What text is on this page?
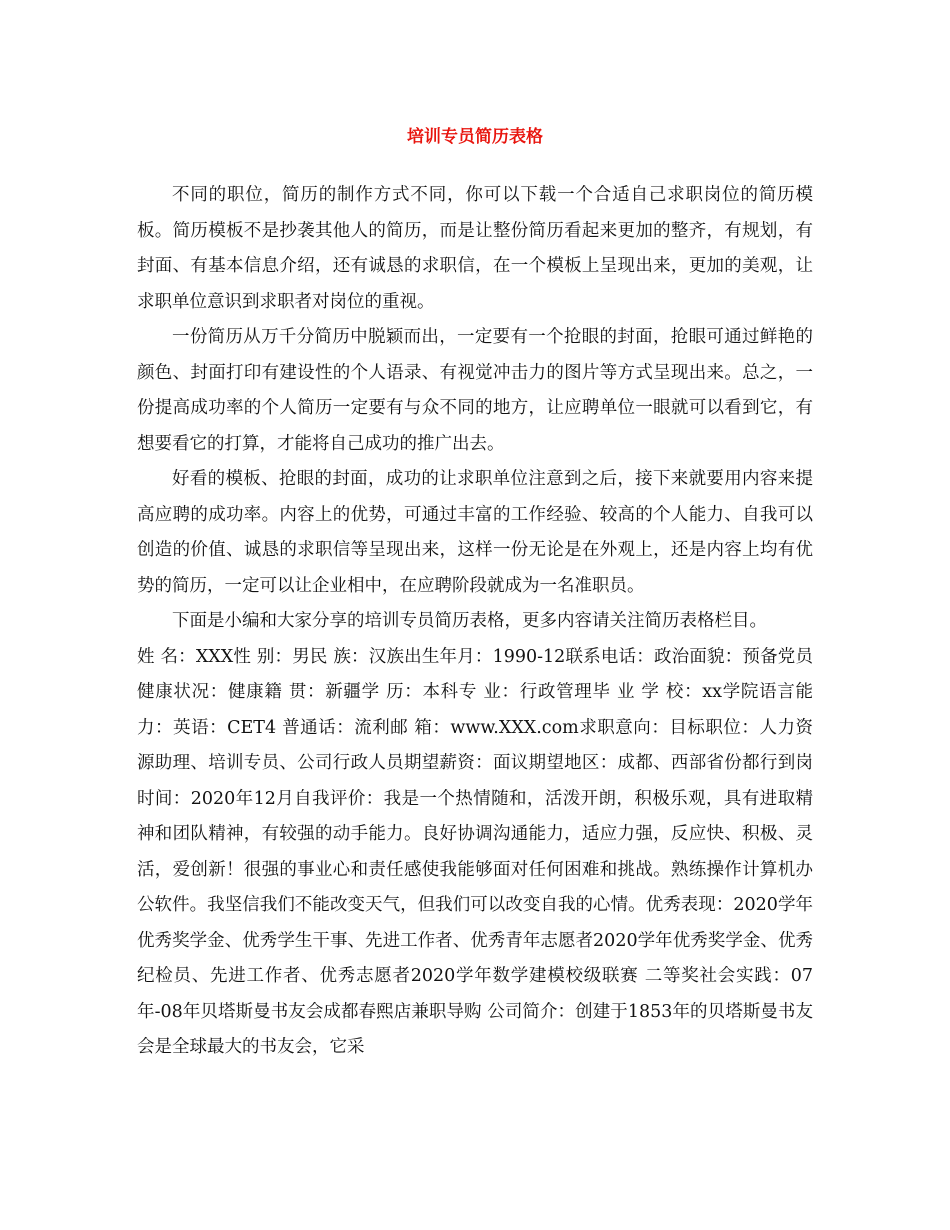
培训专员简历表格

不同的职位，简历的制作方式不同，你可以下载一个合适自己求职岗位的简历模板。简历模板不是抄袭其他人的简历，而是让整份简历看起来更加的整齐，有规划，有封面、有基本信息介绍，还有诚恳的求职信，在一个模板上呈现出来，更加的美观，让求职单位意识到求职者对岗位的重视。

一份简历从万千分简历中脱颖而出，一定要有一个抢眼的封面，抢眼可通过鲜艳的颜色、封面打印有建设性的个人语录、有视觉冲击力的图片等方式呈现出来。总之，一份提高成功率的个人简历一定要有与众不同的地方，让应聘单位一眼就可以看到它，有想要看它的打算，才能将自己成功的推广出去。

好看的模板、抢眼的封面，成功的让求职单位注意到之后，接下来就要用内容来提高应聘的成功率。内容上的优势，可通过丰富的工作经验、较高的个人能力、自我可以创造的价值、诚恳的求职信等呈现出来，这样一份无论是在外观上，还是内容上均有优势的简历，一定可以让企业相中，在应聘阶段就成为一名准职员。

下面是小编和大家分享的培训专员简历表格，更多内容请关注简历表格栏目。

姓 名：XXX性 别：男民 族：汉族出生年月：1990-12联系电话：政治面貌：预备党员健康状况：健康籍 贯：新疆学 历：本科专 业：行政管理毕 业 学 校：xx学院语言能力：英语：CET4 普通话：流利邮 箱：www.XXX.com求职意向：目标职位：人力资源助理、培训专员、公司行政人员期望薪资：面议期望地区：成都、西部省份都行到岗时间：2020年12月自我评价：我是一个热情随和，活泼开朗，积极乐观，具有进取精神和团队精神，有较强的动手能力。良好协调沟通能力，适应力强，反应快、积极、灵活，爱创新！很强的事业心和责任感使我能够面对任何困难和挑战。熟练操作计算机办公软件。我坚信我们不能改变天气，但我们可以改变自我的心情。优秀表现：2020学年优秀奖学金、优秀学生干事、先进工作者、优秀青年志愿者2020学年优秀奖学金、优秀纪检员、先进工作者、优秀志愿者2020学年数学建模校级联赛 二等奖社会实践：07年-08年贝塔斯曼书友会成都春熙店兼职导购 公司简介：创建于1853年的贝塔斯曼书友会是全球最大的书友会，它采
